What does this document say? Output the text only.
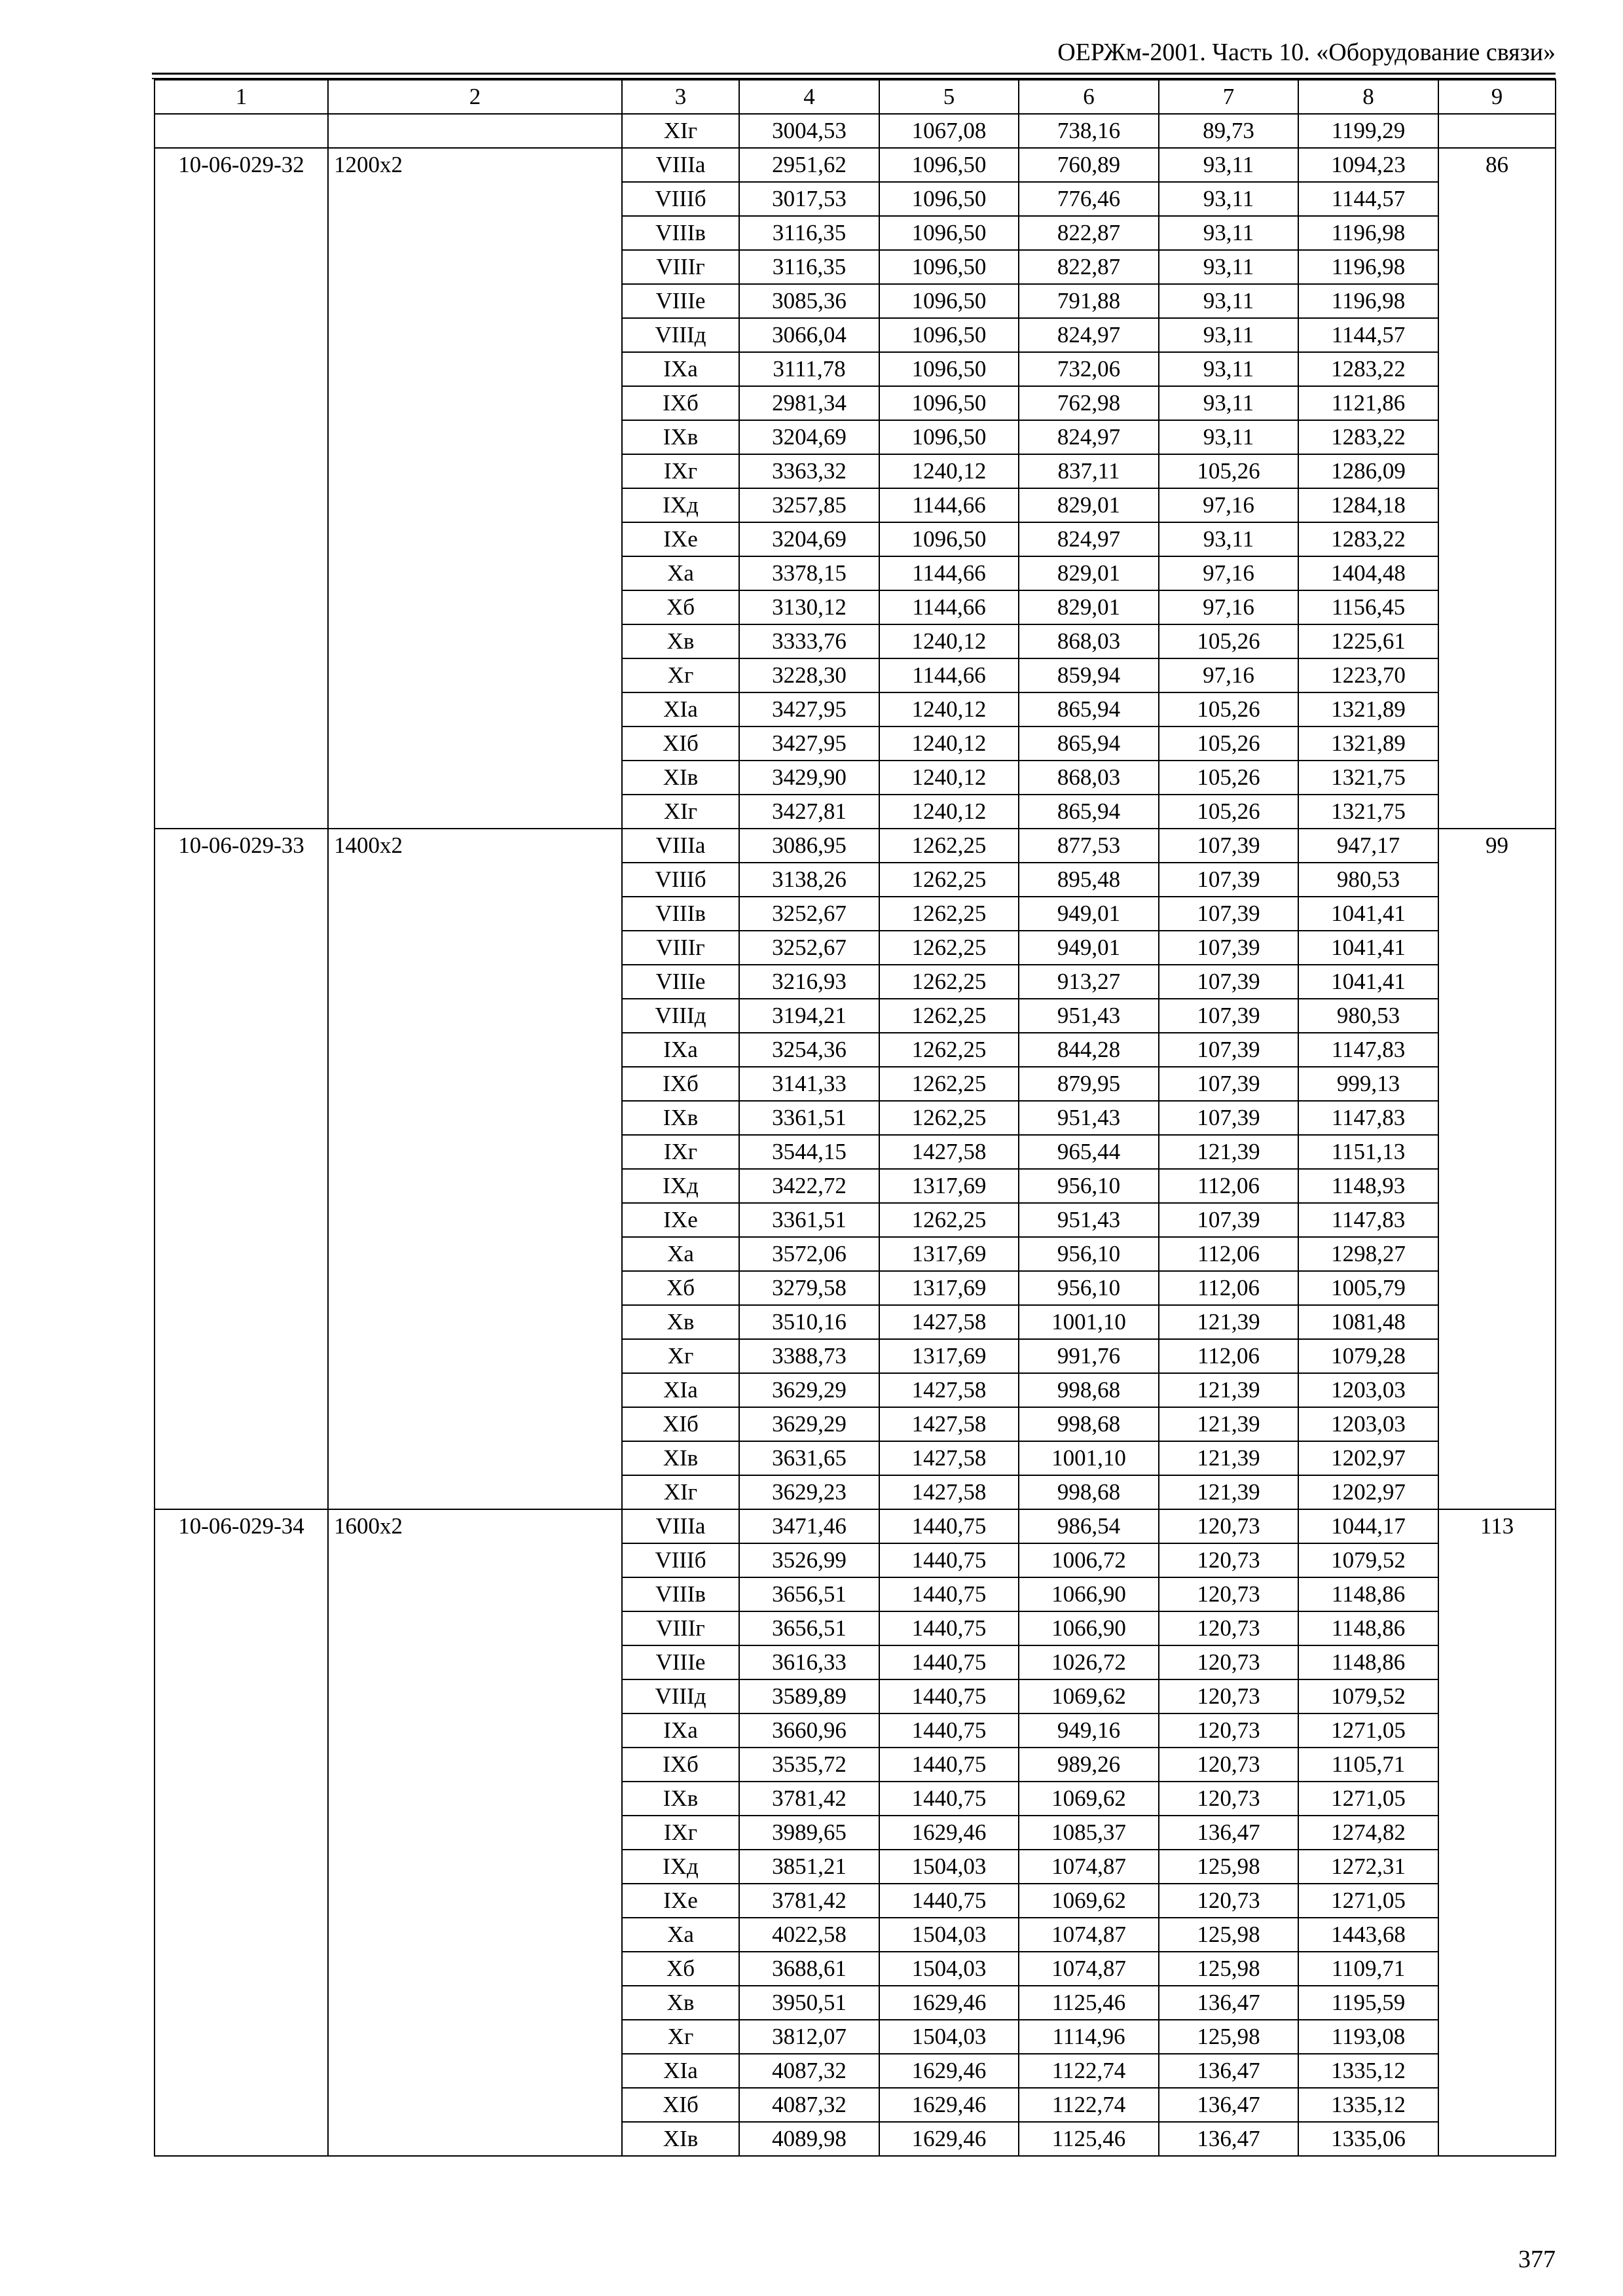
ОЕРЖм-2001. Часть 10. «Оборудование связи»
1	2	3	4	5	6	7	8	9
		XIг	3004,53	1067,08	738,16	89,73	1199,29	
10-06-029-32	1200х2	VIIIа	2951,62	1096,50	760,89	93,11	1094,23	86
		VIIIб	3017,53	1096,50	776,46	93,11	1144,57	
		VIIIв	3116,35	1096,50	822,87	93,11	1196,98	
		VIIIг	3116,35	1096,50	822,87	93,11	1196,98	
		VIIIе	3085,36	1096,50	791,88	93,11	1196,98	
		VIIIд	3066,04	1096,50	824,97	93,11	1144,57	
		IXа	3111,78	1096,50	732,06	93,11	1283,22	
		IXб	2981,34	1096,50	762,98	93,11	1121,86	
		IXв	3204,69	1096,50	824,97	93,11	1283,22	
		IXг	3363,32	1240,12	837,11	105,26	1286,09	
		IXд	3257,85	1144,66	829,01	97,16	1284,18	
		IXе	3204,69	1096,50	824,97	93,11	1283,22	
		Xа	3378,15	1144,66	829,01	97,16	1404,48	
		Xб	3130,12	1144,66	829,01	97,16	1156,45	
		Xв	3333,76	1240,12	868,03	105,26	1225,61	
		Xг	3228,30	1144,66	859,94	97,16	1223,70	
		XIа	3427,95	1240,12	865,94	105,26	1321,89	
		XIб	3427,95	1240,12	865,94	105,26	1321,89	
		XIв	3429,90	1240,12	868,03	105,26	1321,75	
		XIг	3427,81	1240,12	865,94	105,26	1321,75	
10-06-029-33	1400х2	VIIIа	3086,95	1262,25	877,53	107,39	947,17	99
		VIIIб	3138,26	1262,25	895,48	107,39	980,53	
		VIIIв	3252,67	1262,25	949,01	107,39	1041,41	
		VIIIг	3252,67	1262,25	949,01	107,39	1041,41	
		VIIIе	3216,93	1262,25	913,27	107,39	1041,41	
		VIIIд	3194,21	1262,25	951,43	107,39	980,53	
		IXа	3254,36	1262,25	844,28	107,39	1147,83	
		IXб	3141,33	1262,25	879,95	107,39	999,13	
		IXв	3361,51	1262,25	951,43	107,39	1147,83	
		IXг	3544,15	1427,58	965,44	121,39	1151,13	
		IXд	3422,72	1317,69	956,10	112,06	1148,93	
		IXе	3361,51	1262,25	951,43	107,39	1147,83	
		Xа	3572,06	1317,69	956,10	112,06	1298,27	
		Xб	3279,58	1317,69	956,10	112,06	1005,79	
		Xв	3510,16	1427,58	1001,10	121,39	1081,48	
		Xг	3388,73	1317,69	991,76	112,06	1079,28	
		XIа	3629,29	1427,58	998,68	121,39	1203,03	
		XIб	3629,29	1427,58	998,68	121,39	1203,03	
		XIв	3631,65	1427,58	1001,10	121,39	1202,97	
		XIг	3629,23	1427,58	998,68	121,39	1202,97	
10-06-029-34	1600х2	VIIIа	3471,46	1440,75	986,54	120,73	1044,17	113
		VIIIб	3526,99	1440,75	1006,72	120,73	1079,52	
		VIIIв	3656,51	1440,75	1066,90	120,73	1148,86	
		VIIIг	3656,51	1440,75	1066,90	120,73	1148,86	
		VIIIе	3616,33	1440,75	1026,72	120,73	1148,86	
		VIIIд	3589,89	1440,75	1069,62	120,73	1079,52	
		IXа	3660,96	1440,75	949,16	120,73	1271,05	
		IXб	3535,72	1440,75	989,26	120,73	1105,71	
		IXв	3781,42	1440,75	1069,62	120,73	1271,05	
		IXг	3989,65	1629,46	1085,37	136,47	1274,82	
		IXд	3851,21	1504,03	1074,87	125,98	1272,31	
		IXе	3781,42	1440,75	1069,62	120,73	1271,05	
		Xа	4022,58	1504,03	1074,87	125,98	1443,68	
		Xб	3688,61	1504,03	1074,87	125,98	1109,71	
		Xв	3950,51	1629,46	1125,46	136,47	1195,59	
		Xг	3812,07	1504,03	1114,96	125,98	1193,08	
		XIа	4087,32	1629,46	1122,74	136,47	1335,12	
		XIб	4087,32	1629,46	1122,74	136,47	1335,12	
		XIв	4089,98	1629,46	1125,46	136,47	1335,06	
377
